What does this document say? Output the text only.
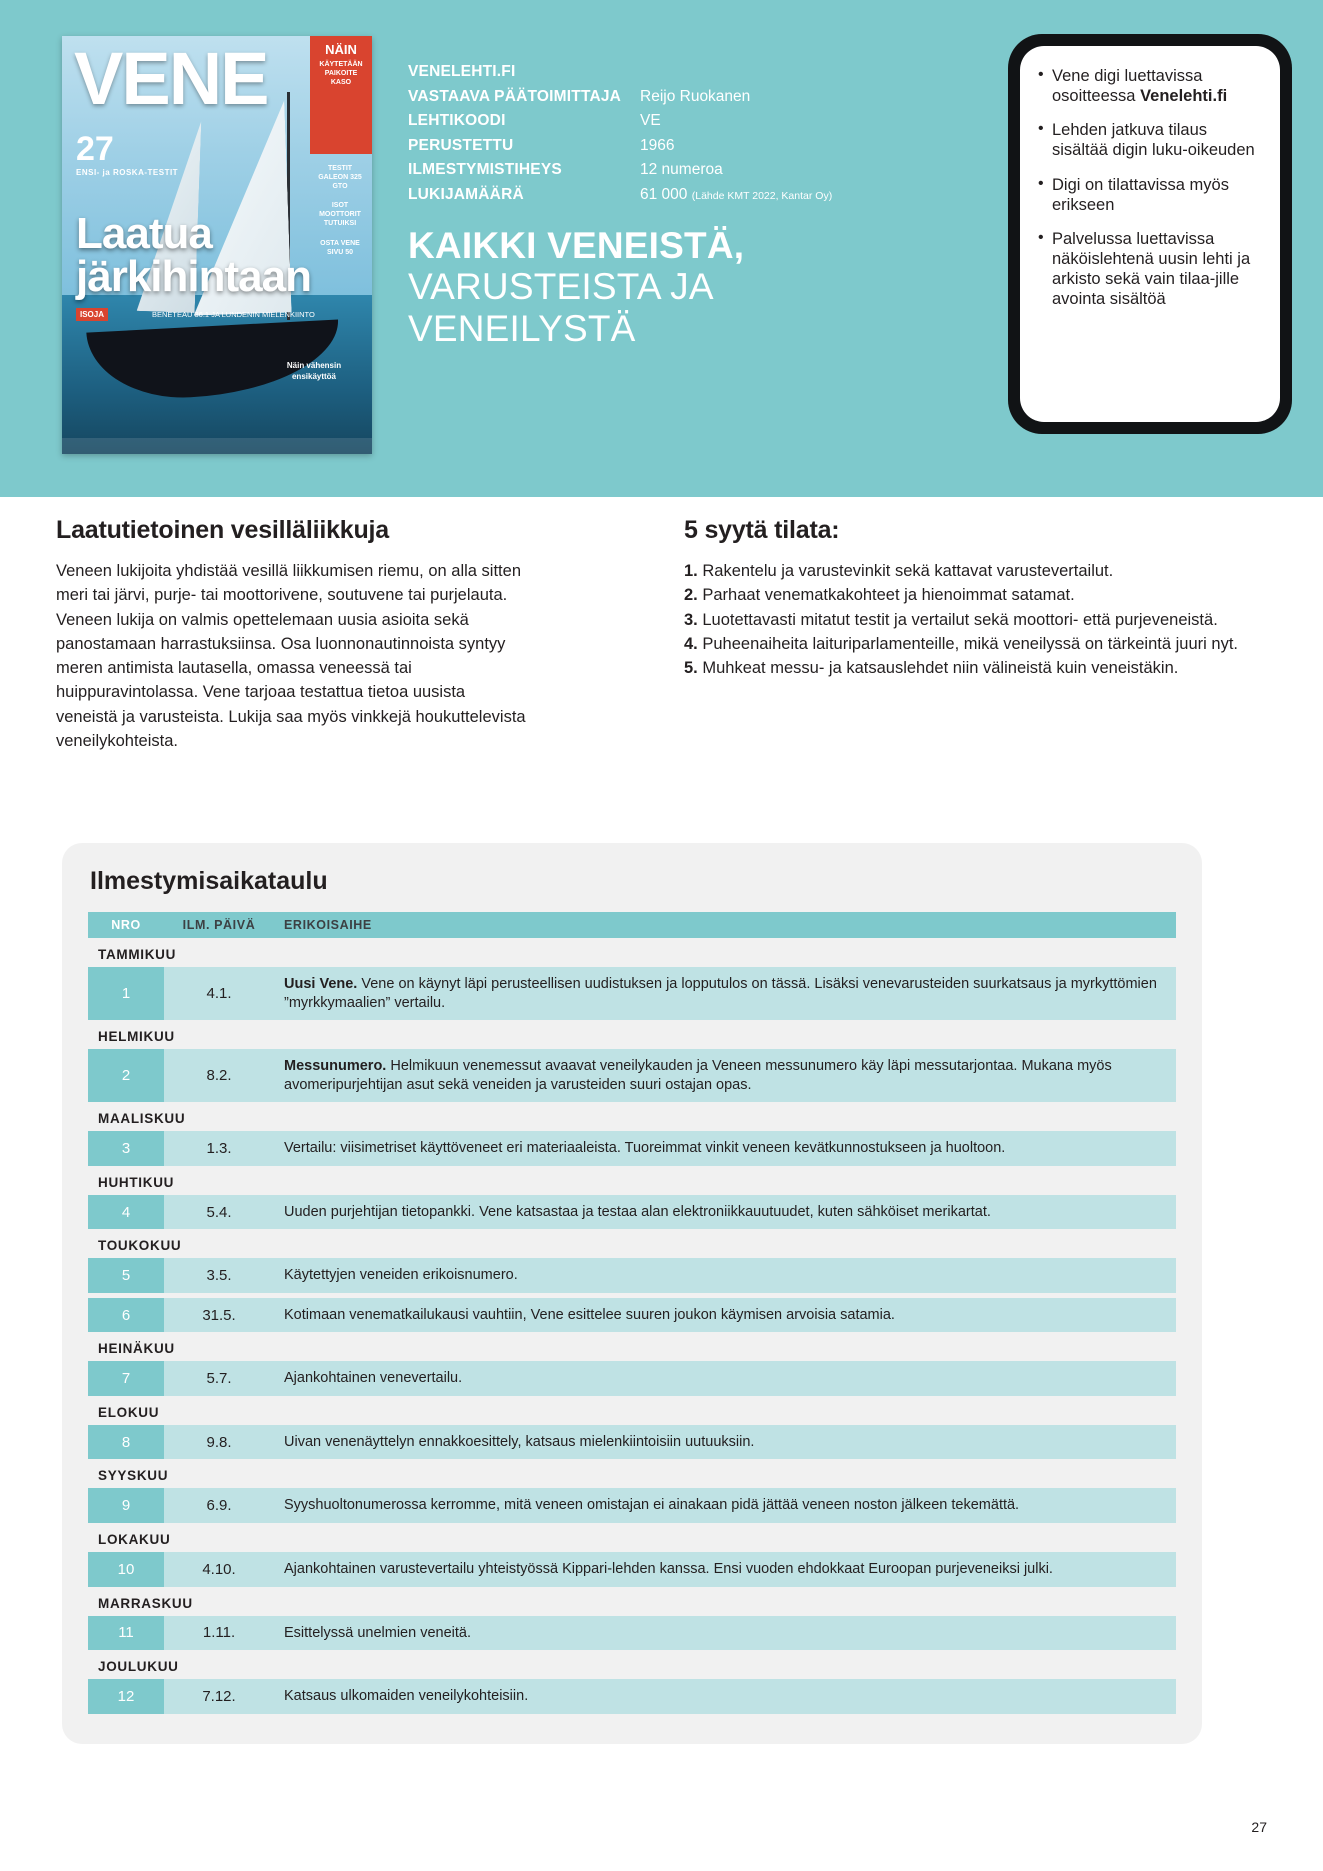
VENE	NÄIN
KÄYTETÄÄN PAIKOITE KASO
27
ENSI- ja ROSKA-TESTIT
Laatua
järkihintaan
ISOJA	BENETEAU 36.1 JA LUNDENIN MIELENKIINTO
TESTIT GALEON 325 GTO
ISOT MOOTTORIT TUTUIKSI
OSTA VENE SIVU 50
Näin vähensin ensikäyttöä
VENELEHTI.FI
VASTAAVA PÄÄTOIMITTAJA	Reijo Ruokanen
LEHTIKOODI	VE
PERUSTETTU	1966
ILMESTYMISTIHEYS	12 numeroa
LUKIJAMÄÄRÄ	61 000 (Lähde KMT 2022, Kantar Oy)
KAIKKI VENEISTÄ,
VARUSTEISTA JA
VENEILYSTÄ
• Vene digi luettavissa osoitteessa Venelehti.fi
• Lehden jatkuva tilaus sisältää digin luku-oikeuden
• Digi on tilattavissa myös erikseen
• Palvelussa luettavissa näköislehtenä uusin lehti ja arkisto sekä vain tilaa-jille avointa sisältöä
Laatutietoinen vesilläliikkuja

Veneen lukijoita yhdistää vesillä liikkumisen riemu, on alla sitten meri tai järvi, purje- tai moottorivene, soutuvene tai purjelauta. Veneen lukija on valmis opettelemaan uusia asioita sekä panostamaan harrastuksiinsa. Osa luonnonautinnoista syntyy meren antimista lautasella, omassa veneessä tai huippuravintolassa. Vene tarjoaa testattua tietoa uusista veneistä ja varusteista. Lukija saa myös vinkkejä houkuttelevista veneilykohteista.

5 syytä tilata:

1. Rakentelu ja varustevinkit sekä kattavat varustevertailut.

2. Parhaat venematkakohteet ja hienoimmat satamat.

3. Luotettavasti mitatut testit ja vertailut sekä moottori- että purjeveneistä.

4. Puheenaiheita laituriparlamenteille, mikä veneilyssä on tärkeintä juuri nyt.

5. Muhkeat messu- ja katsauslehdet niin välineistä kuin veneistäkin.

Ilmestymisaikataulu
NRO	ILM. PÄIVÄ	ERIKOISAIHE
TAMMIKUU		
1	4.1.	Uusi Vene. Vene on käynyt läpi perusteellisen uudistuksen ja lopputulos on tässä. Lisäksi venevarusteiden suurkatsaus ja myrkyttömien ”myrkkymaalien” vertailu.
HELMIKUU		
2	8.2.	Messunumero. Helmikuun venemessut avaavat veneilykauden ja Veneen messunumero käy läpi messutarjontaa. Mukana myös avomeripurjehtijan asut sekä veneiden ja varusteiden suuri ostajan opas.
MAALISKUU		
3	1.3.	Vertailu: viisimetriset käyttöveneet eri materiaaleista. Tuoreimmat vinkit veneen kevätkunnostukseen ja huoltoon.
HUHTIKUU		
4	5.4.	Uuden purjehtijan tietopankki. Vene katsastaa ja testaa alan elektroniikkauutuudet, kuten sähköiset merikartat.
TOUKOKUU		
5	3.5.	Käytettyjen veneiden erikoisnumero.

6	31.5.	Kotimaan venematkailukausi vauhtiin, Vene esittelee suuren joukon käymisen arvoisia satamia.
HEINÄKUU		
7	5.7.	Ajankohtainen venevertailu.
ELOKUU		
8	9.8.	Uivan venenäyttelyn ennakkoesittely, katsaus mielenkiintoisiin uutuuksiin.
SYYSKUU		
9	6.9.	Syyshuoltonumerossa kerromme, mitä veneen omistajan ei ainakaan pidä jättää veneen noston jälkeen tekemättä.
LOKAKUU		
10	4.10.	Ajankohtainen varustevertailu yhteistyössä Kippari-lehden kanssa. Ensi vuoden ehdokkaat Euroopan purjeveneiksi julki.
MARRASKUU		
11	1.11.	Esittelyssä unelmien veneitä.
JOULUKUU		
12	7.12.	Katsaus ulkomaiden veneilykohteisiin.
27
